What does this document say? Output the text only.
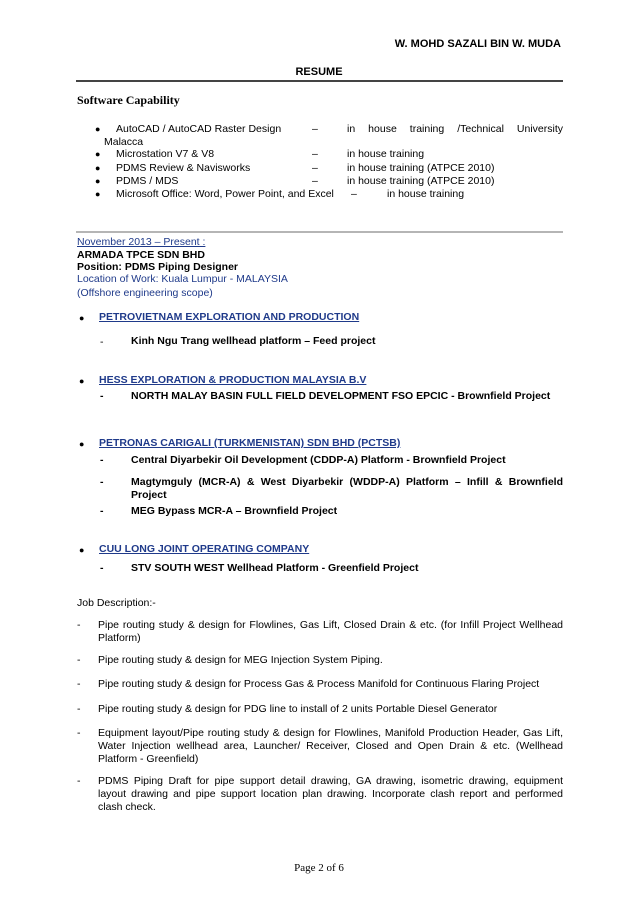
W. MOHD SAZALI BIN W. MUDA
RESUME
Software Capability
● AutoCAD / AutoCAD Raster Design	–	in house training /Technical University
Malacca
● Microstation V7 & V8	–	in house training
● PDMS Review & Navisworks	–	in house training (ATPCE 2010)
● PDMS / MDS	–	in house training (ATPCE 2010)
● Microsoft Office: Word, Power Point, and Excel –	in house training
November 2013 – Present :
ARMADA TPCE SDN BHD
Position: PDMS Piping Designer
Location of Work: Kuala Lumpur - MALAYSIA
(Offshore engineering scope)
● PETROVIETNAM EXPLORATION AND PRODUCTION
-	Kinh Ngu Trang wellhead platform – Feed project
● HESS EXPLORATION & PRODUCTION MALAYSIA B.V
-	NORTH MALAY BASIN FULL FIELD DEVELOPMENT FSO EPCIC - Brownfield Project
● PETRONAS CARIGALI (TURKMENISTAN) SDN BHD (PCTSB)
-	Central Diyarbekir Oil Development (CDDP-A) Platform - Brownfield Project
-	Magtymguly (MCR-A) & West Diyarbekir (WDDP-A) Platform – Infill & Brownfield Project
-	MEG Bypass MCR-A – Brownfield Project
● CUU LONG JOINT OPERATING COMPANY
-	STV SOUTH WEST Wellhead Platform - Greenfield Project
Job Description:-
- Pipe routing study & design for Flowlines, Gas Lift, Closed Drain & etc. (for Infill Project Wellhead Platform)
- Pipe routing study & design for MEG Injection System Piping.
- Pipe routing study & design for Process Gas & Process Manifold for Continuous Flaring Project
- Pipe routing study & design for PDG line to install of 2 units Portable Diesel Generator
- Equipment layout/Pipe routing study & design for Flowlines, Manifold Production Header, Gas Lift, Water Injection wellhead area, Launcher/ Receiver, Closed and Open Drain & etc. (Wellhead Platform - Greenfield)
- PDMS Piping Draft for pipe support detail drawing, GA drawing, isometric drawing, equipment layout drawing and pipe support location plan drawing. Incorporate clash report and performed clash check.
Page 2 of 6
